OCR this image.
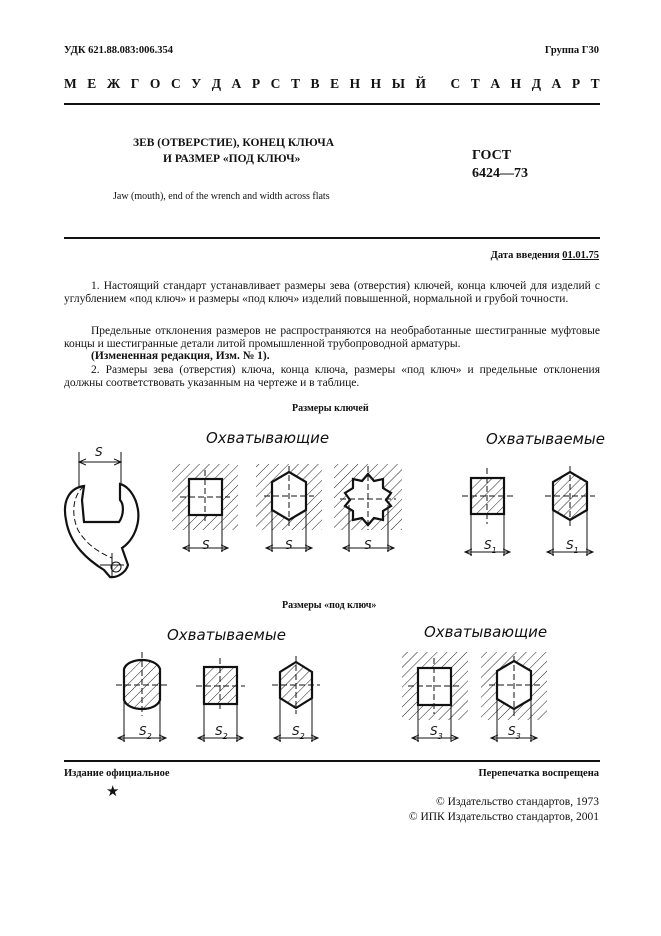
УДК 621.88.083:006.354	Группа Г30
М Е Ж Г О С У Д А Р С Т В Е Н Н Ы Й
С Т А Н Д А Р Т
ЗЕВ (ОТВЕРСТИЕ), КОНЕЦ КЛЮЧА
И РАЗМЕР «ПОД КЛЮЧ»	ГОСТ
6424—73
Jaw (mouth), end of the wrench and width across flats
Дата введения 01.01.75
1. Настоящий стандарт устанавливает размеры зева (отверстия) ключей, конца ключей для изделий с углублением «под ключ» и размеры «под ключ» изделий повышенной, нормальной и грубой точности.
Предельные отклонения размеров не распространяются на необработанные шестигранные муфтовые концы и шестигранные детали литой промышленной трубопроводной арматуры.
(Измененная редакция, Изм. № 1).
2. Размеры зева (отверстия) ключа, конца ключа, размеры «под ключ» и предельные отклонения должны соответствовать указанным на чертеже и в таблице.
Размеры ключей
Размеры «под ключ»
Охватывающие	Охватываемые
Охватываемые	Охватывающие
S
S	S	S	$S_1$	$S_1$
$S_2$	$S_2$	$S_2$	$S_3$	$S_3$
Издание официальное	Перепечатка воспрещена
★
© Издательство стандартов, 1973
© ИПК Издательство стандартов, 2001
